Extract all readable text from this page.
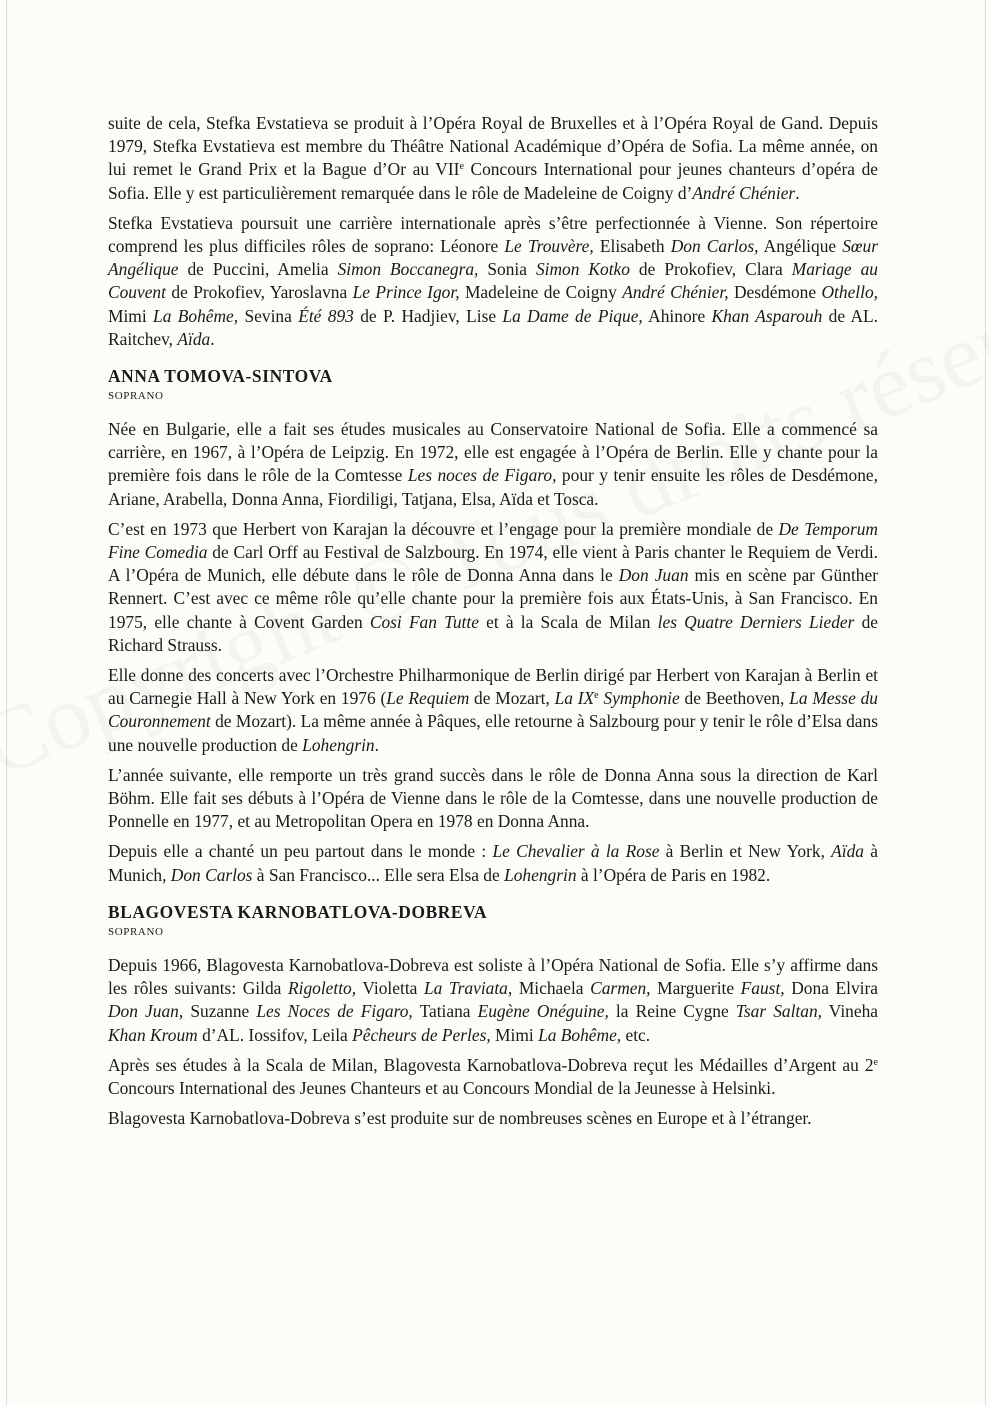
suite de cela, Stefka Evstatieva se produit à l’Opéra Royal de Bruxelles et à l’Opéra Royal de Gand. Depuis 1979, Stefka Evstatieva est membre du Théâtre National Académique d’Opéra de Sofia. La même année, on lui remet le Grand Prix et la Bague d’Or au VIIe Concours International pour jeunes chanteurs d’opéra de Sofia. Elle y est particulièrement remarquée dans le rôle de Madeleine de Coigny d’André Chénier.

Stefka Evstatieva poursuit une carrière internationale après s’être perfectionnée à Vienne. Son répertoire comprend les plus difficiles rôles de soprano: Léonore Le Trouvère, Elisabeth Don Carlos, Angélique Sœur Angélique de Puccini, Amelia Simon Boccanegra, Sonia Simon Kotko de Prokofiev, Clara Mariage au Couvent de Prokofiev, Yaroslavna Le Prince Igor, Madeleine de Coigny André Chénier, Desdémone Othello, Mimi La Bohême, Sevina Été 893 de P. Hadjiev, Lise La Dame de Pique, Ahinore Khan Asparouh de AL. Raitchev, Aïda.

ANNA TOMOVA-SINTOVA
SOPRANO

Née en Bulgarie, elle a fait ses études musicales au Conservatoire National de Sofia. Elle a commencé sa carrière, en 1967, à l’Opéra de Leipzig. En 1972, elle est engagée à l’Opéra de Berlin. Elle y chante pour la première fois dans le rôle de la Comtesse Les noces de Figaro, pour y tenir ensuite les rôles de Desdémone, Ariane, Arabella, Donna Anna, Fiordiligi, Tatjana, Elsa, Aïda et Tosca.

C’est en 1973 que Herbert von Karajan la découvre et l’engage pour la première mondiale de De Temporum Fine Comedia de Carl Orff au Festival de Salzbourg. En 1974, elle vient à Paris chanter le Requiem de Verdi. A l’Opéra de Munich, elle débute dans le rôle de Donna Anna dans le Don Juan mis en scène par Günther Rennert. C’est avec ce même rôle qu’elle chante pour la première fois aux États-Unis, à San Francisco. En 1975, elle chante à Covent Garden Cosi Fan Tutte et à la Scala de Milan les Quatre Derniers Lieder de Richard Strauss.

Elle donne des concerts avec l’Orchestre Philharmonique de Berlin dirigé par Herbert von Karajan à Berlin et au Carnegie Hall à New York en 1976 (Le Requiem de Mozart, La IXe Symphonie de Beethoven, La Messe du Couronnement de Mozart). La même année à Pâques, elle retourne à Salzbourg pour y tenir le rôle d’Elsa dans une nouvelle production de Lohengrin.

L’année suivante, elle remporte un très grand succès dans le rôle de Donna Anna sous la direction de Karl Böhm. Elle fait ses débuts à l’Opéra de Vienne dans le rôle de la Comtesse, dans une nouvelle production de Ponnelle en 1977, et au Metropolitan Opera en 1978 en Donna Anna.

Depuis elle a chanté un peu partout dans le monde : Le Chevalier à la Rose à Berlin et New York, Aïda à Munich, Don Carlos à San Francisco... Elle sera Elsa de Lohengrin à l’Opéra de Paris en 1982.

BLAGOVESTA KARNOBATLOVA-DOBREVA
SOPRANO

Depuis 1966, Blagovesta Karnobatlova-Dobreva est soliste à l’Opéra National de Sofia. Elle s’y affirme dans les rôles suivants: Gilda Rigoletto, Violetta La Traviata, Michaela Carmen, Marguerite Faust, Dona Elvira Don Juan, Suzanne Les Noces de Figaro, Tatiana Eugène Onéguine, la Reine Cygne Tsar Saltan, Vineha Khan Kroum d’AL. Iossifov, Leila Pêcheurs de Perles, Mimi La Bohême, etc.

Après ses études à la Scala de Milan, Blagovesta Karnobatlova-Dobreva reçut les Médailles d’Argent au 2e Concours International des Jeunes Chanteurs et au Concours Mondial de la Jeunesse à Helsinki.

Blagovesta Karnobatlova-Dobreva s’est produite sur de nombreuses scènes en Europe et à l’étranger.
